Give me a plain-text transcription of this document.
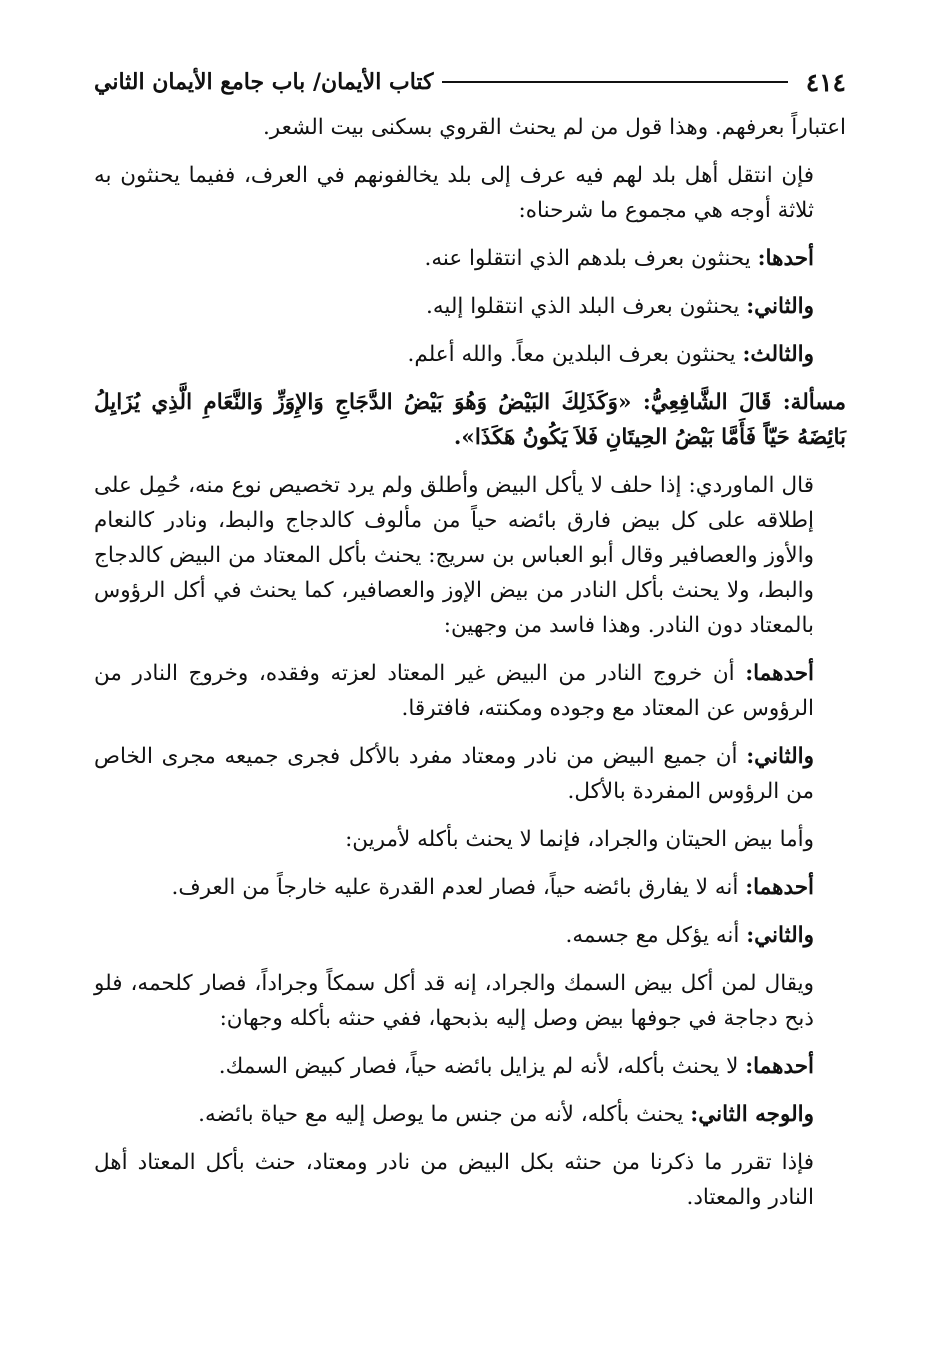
٤١٤
كتاب الأيمان/ باب جامع الأيمان الثاني

اعتباراً بعرفهم. وهذا قول من لم يحنث القروي بسكنى بيت الشعر.

فإن انتقل أهل بلد لهم فيه عرف إلى بلد يخالفونهم في العرف، ففيما يحنثون به ثلاثة أوجه هي مجموع ما شرحناه:

أحدها: يحنثون بعرف بلدهم الذي انتقلوا عنه.

والثاني: يحنثون بعرف البلد الذي انتقلوا إليه.

والثالث: يحنثون بعرف البلدين معاً. والله أعلم.

مسألة: قَالَ الشَّافِعِيُّ: «وَكَذَلِكَ البَيْضُ وَهُوَ بَيْضُ الدَّجَاجِ وَالإِوَزِّ وَالنَّعَامِ الَّذِي يُزَايِلُ بَائِضَهُ حَيّاً فَأَمَّا بَيْضُ الحِيتَانِ فَلاَ يَكُونُ هَكَذَا».

قال الماوردي: إذا حلف لا يأكل البيض وأطلق ولم يرد تخصيص نوع منه، حُمِل على إطلاقه على كل بيض فارق بائضه حياً من مألوف كالدجاج والبط، ونادر كالنعام والأوز والعصافير وقال أبو العباس بن سريج: يحنث بأكل المعتاد من البيض كالدجاج والبط، ولا يحنث بأكل النادر من بيض الإوز والعصافير، كما يحنث في أكل الرؤوس بالمعتاد دون النادر. وهذا فاسد من وجهين:

أحدهما: أن خروج النادر من البيض غير المعتاد لعزته وفقده، وخروج النادر من الرؤوس عن المعتاد مع وجوده ومكنته، فافترقا.

والثاني: أن جميع البيض من نادر ومعتاد مفرد بالأكل فجرى جميعه مجرى الخاص من الرؤوس المفردة بالأكل.

وأما بيض الحيتان والجراد، فإنما لا يحنث بأكله لأمرين:

أحدهما: أنه لا يفارق بائضه حياً، فصار لعدم القدرة عليه خارجاً من العرف.

والثاني: أنه يؤكل مع جسمه.

ويقال لمن أكل بيض السمك والجراد، إنه قد أكل سمكاً وجراداً، فصار كلحمه، فلو ذبح دجاجة في جوفها بيض وصل إليه بذبحها، ففي حنثه بأكله وجهان:

أحدهما: لا يحنث بأكله، لأنه لم يزايل بائضه حياً، فصار كبيض السمك.

والوجه الثاني: يحنث بأكله، لأنه من جنس ما يوصل إليه مع حياة بائضه.

فإذا تقرر ما ذكرنا من حنثه بكل البيض من نادر ومعتاد، حنث بأكل المعتاد أهل النادر والمعتاد.
